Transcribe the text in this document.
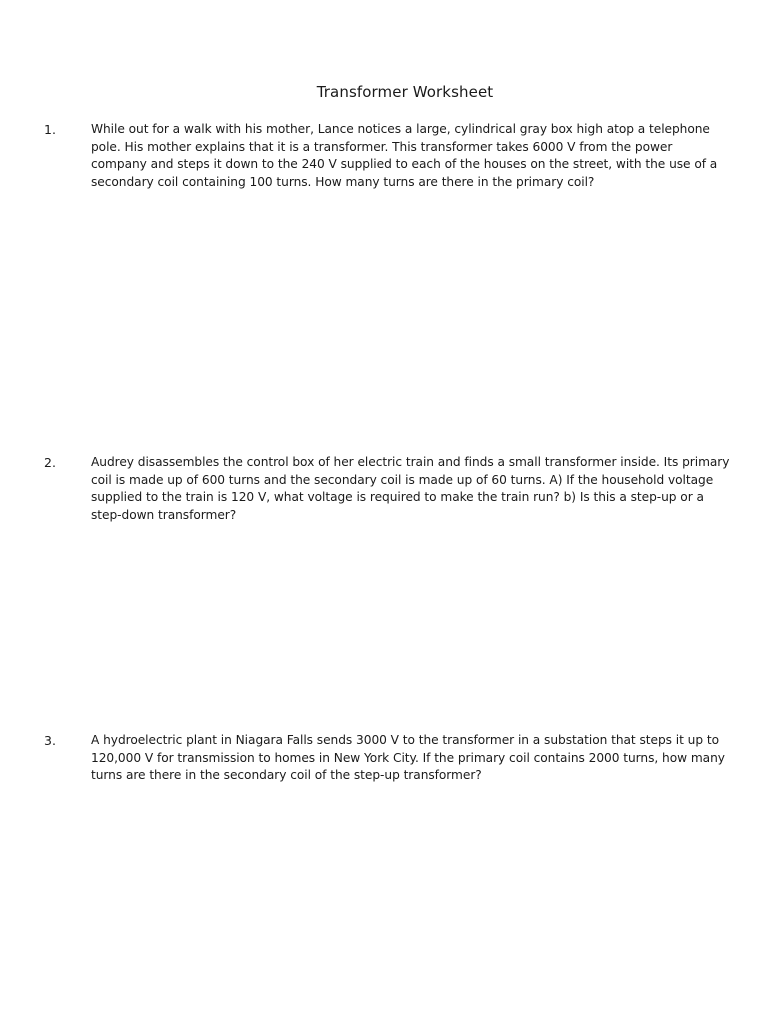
Transformer Worksheet
1.	While out for a walk with his mother, Lance notices a large, cylindrical gray box high atop a telephone pole. His mother explains that it is a transformer. This transformer takes 6000 V from the power company and steps it down to the 240 V supplied to each of the houses on the street, with the use of a secondary coil containing 100 turns. How many turns are there in the primary coil?

2.	Audrey disassembles the control box of her electric train and finds a small transformer inside. Its primary coil is made up of 600 turns and the secondary coil is made up of 60 turns. A) If the household voltage supplied to the train is 120 V, what voltage is required to make the train run? b) Is this a step-up or a step-down transformer?

3.	A hydroelectric plant in Niagara Falls sends 3000 V to the transformer in a substation that steps it up to 120,000 V for transmission to homes in New York City. If the primary coil contains 2000 turns, how many turns are there in the secondary coil of the step-up transformer?
